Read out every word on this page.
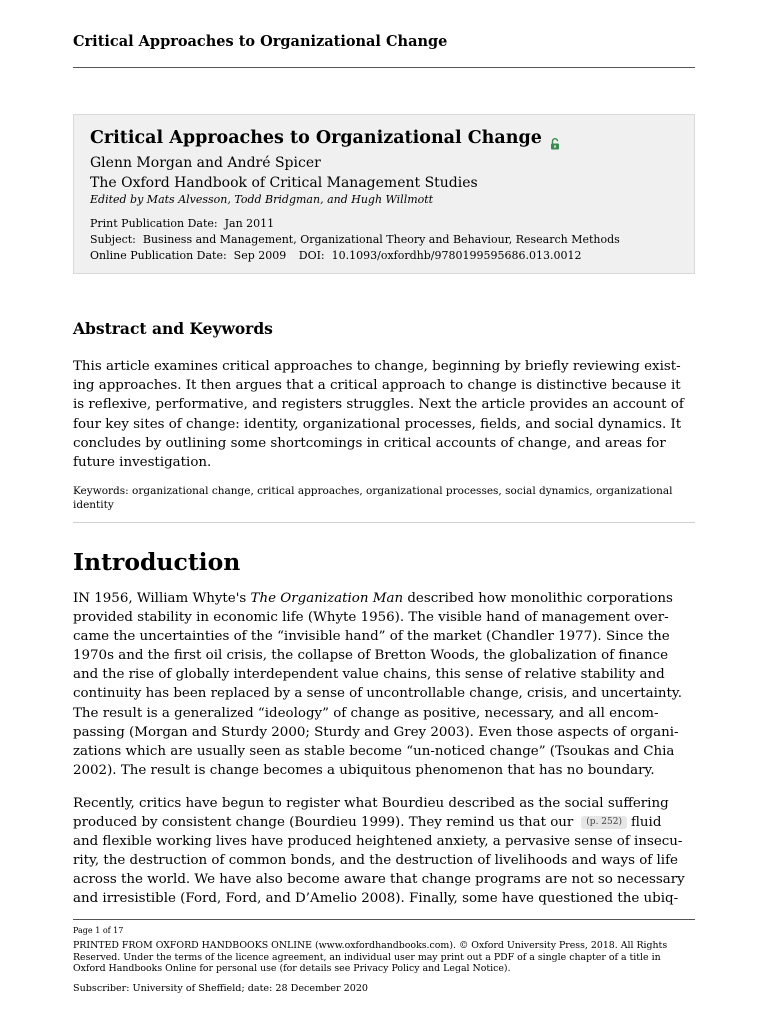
Critical Approaches to Organizational Change
Critical Approaches to Organizational Change
Glenn Morgan and André Spicer
The Oxford Handbook of Critical Management Studies
Edited by Mats Alvesson, Todd Bridgman, and Hugh Willmott
Print Publication Date: Jan 2011
Subject: Business and Management, Organizational Theory and Behaviour, Research Methods
Online Publication Date: Sep 2009 DOI: 10.1093/oxfordhb/9780199595686.013.0012
Abstract and Keywords

This article examines critical approaches to change, beginning by briefly reviewing exist‐
ing approaches. It then argues that a critical approach to change is distinctive because it
is reflexive, performative, and registers struggles. Next the article provides an account of
four key sites of change: identity, organizational processes, fields, and social dynamics. It
concludes by outlining some shortcomings in critical accounts of change, and areas for
future investigation.

Keywords: organizational change, critical approaches, organizational processes, social dynamics, organizational
identity
Introduction

IN 1956, William Whyte's The Organization Man described how monolithic corporations
provided stability in economic life (Whyte 1956). The visible hand of management over‐
came the uncertainties of the “invisible hand” of the market (Chandler 1977). Since the
1970s and the first oil crisis, the collapse of Bretton Woods, the globalization of finance
and the rise of globally interdependent value chains, this sense of relative stability and
continuity has been replaced by a sense of uncontrollable change, crisis, and uncertainty.
The result is a generalized “ideology” of change as positive, necessary, and all encom‐
passing (Morgan and Sturdy 2000; Sturdy and Grey 2003). Even those aspects of organi‐
zations which are usually seen as stable become “un-noticed change” (Tsoukas and Chia
2002). The result is change becomes a ubiquitous phenomenon that has no boundary.

Recently, critics have begun to register what Bourdieu described as the social suffering
produced by consistent change (Bourdieu 1999). They remind us that our (p. 252) fluid
and flexible working lives have produced heightened anxiety, a pervasive sense of insecu‐
rity, the destruction of common bonds, and the destruction of livelihoods and ways of life
across the world. We have also become aware that change programs are not so necessary
and irresistible (Ford, Ford, and D’Amelio 2008). Finally, some have questioned the ubiq‐

Page 1 of 17
PRINTED FROM OXFORD HANDBOOKS ONLINE (www.oxfordhandbooks.com). © Oxford University Press, 2018. All Rights
Reserved. Under the terms of the licence agreement, an individual user may print out a PDF of a single chapter of a title in
Oxford Handbooks Online for personal use (for details see Privacy Policy and Legal Notice).
Subscriber: University of Sheffield; date: 28 December 2020
